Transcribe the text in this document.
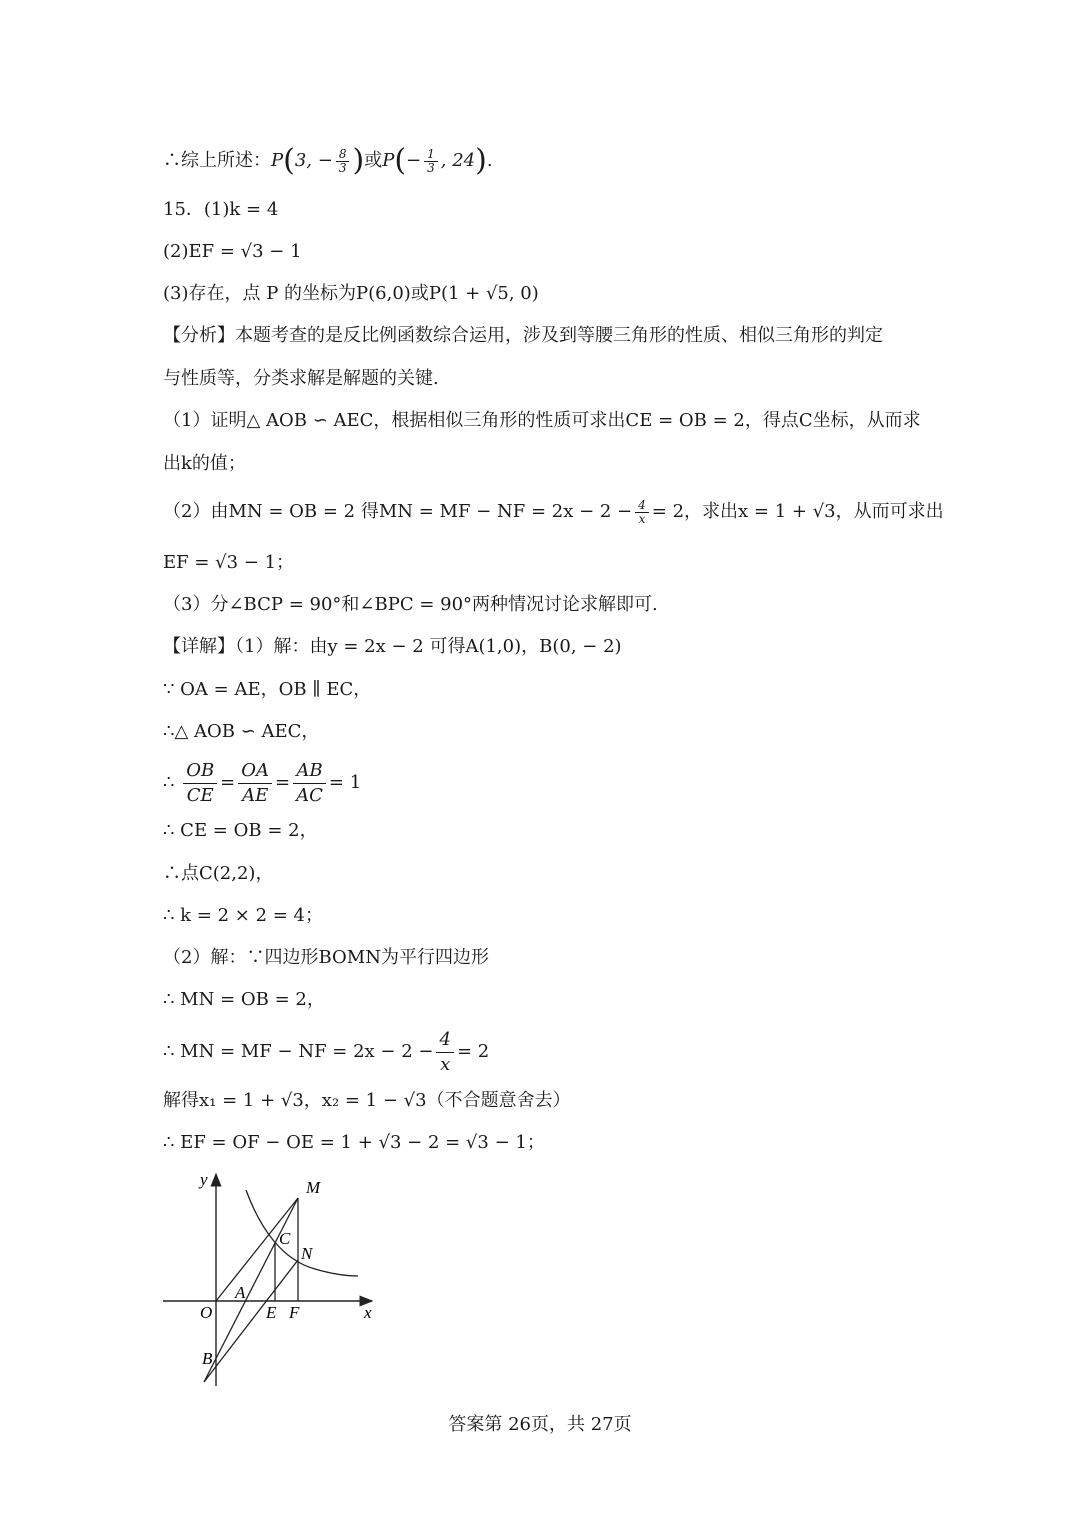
∴综上所述：P(3, − $\frac{8}{3}$ )或$P(- \frac{1}{3}$ , 24).
15．(1)k = 4
(2)EF = √3 − 1
(3)存在，点 P 的坐标为P(6,0)或P(1 + √5, 0)
【分析】本题考查的是反比例函数综合运用，涉及到等腰三角形的性质、相似三角形的判定
与性质等，分类求解是解题的关键.
（1）证明△ AOB ∽ AEC，根据相似三角形的性质可求出CE = OB = 2，得点C坐标，从而求
出k的值；
（2）由MN = OB = 2 得MN = MF − NF = $2x - 2 - \frac{4}{x} = 2$，求出x = 1 + √3，从而可求出
EF = √3 − 1；
（3）分∠BCP = 90°和∠BPC = 90°两种情况讨论求解即可.
【详解】（1）解：由y = 2x − 2 可得A(1,0)，B(0, − 2)
∵ OA = AE，OB ∥ EC，
∴△ AOB ∽ AEC，
∴ $\frac{OB}{CE} = \frac{OA}{AE} = \frac{AB}{AC} = 1$
∴ CE = OB = 2，
∴点C(2,2)，
∴ k = 2 × 2 = 4；
（2）解：∵四边形BOMN为平行四边形
∴ MN = OB = 2，
∴ MN = MF − NF = $2x - 2 - \frac{4}{x} = 2$
解得x₁ = 1 + √3，x₂ = 1 − √3（不合题意舍去）
∴ EF = OF − OE = 1 + √3 − 2 = √3 − 1；
y
x
O
A
E F
B
C
N
M
答案第 26页，共 27页
